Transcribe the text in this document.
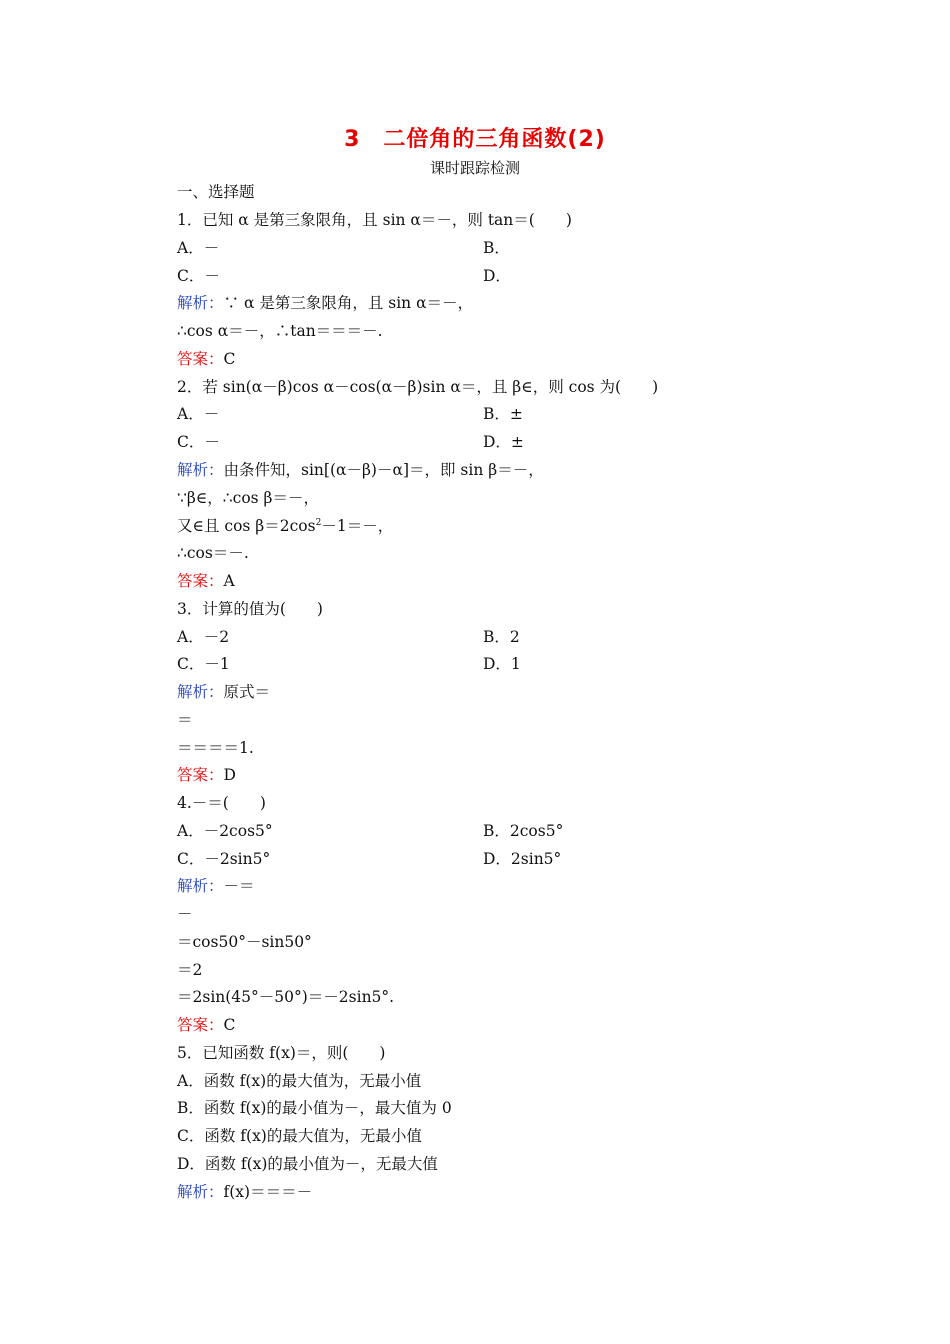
3　二倍角的三角函数(2)
课时跟踪检测
一、选择题
1．已知 α 是第三象限角，且 sin α＝－，则 tan＝(　　)
A．－	B．
C．－	D．
解析：∵ α 是第三象限角，且 sin α＝－，
∴cos α＝－，∴tan＝＝＝－.
答案：C
2．若 sin(α－β)cos α－cos(α－β)sin α＝，且 β∈，则 cos 为(　　)
A．－	B．±
C．－	D．±
解析：由条件知，sin[(α－β)－α]＝，即 sin β＝－，
∵β∈，∴cos β＝－，
又∈且 $\cos \beta=2\cos^2-1=-$，
∴cos＝－.
答案：A
3．计算的值为(　　)
A．－2	B．2
C．－1	D．1
解析：原式＝
＝
＝＝＝＝1.
答案：D
4.－＝(　　)
A．－2cos5°	B．2cos5°
C．－2sin5°	D．2sin5°
解析：－＝
－
＝cos50°－sin50°
＝2
＝2sin(45°－50°)＝－2sin5°.
答案：C
5．已知函数 f(x)＝，则(　　)
A．函数 f(x)的最大值为，无最小值
B．函数 f(x)的最小值为－，最大值为 0
C．函数 f(x)的最大值为，无最小值
D．函数 f(x)的最小值为－，无最大值
解析：f(x)＝＝＝－
